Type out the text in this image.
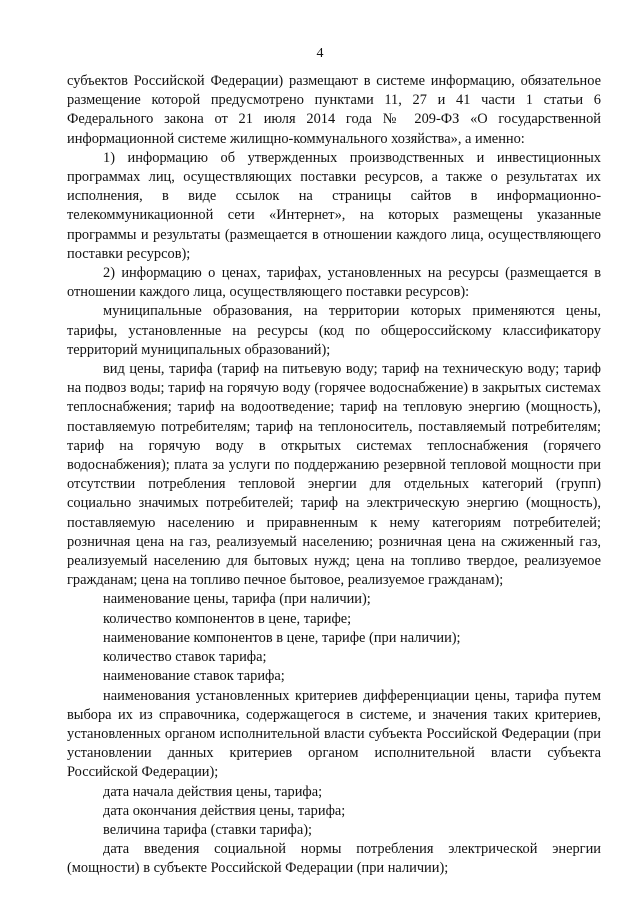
4

субъектов Российской Федерации) размещают в системе информацию, обязательное размещение которой предусмотрено пунктами 11, 27 и 41 части 1 статьи 6 Федерального закона от 21 июля 2014 года № 209-ФЗ «О государственной информационной системе жилищно-коммунального хозяйства», а именно:

1) информацию об утвержденных производственных и инвестиционных программах лиц, осуществляющих поставки ресурсов, а также о результатах их исполнения, в виде ссылок на страницы сайтов в информационно-телекоммуникационной сети «Интернет», на которых размещены указанные программы и результаты (размещается в отношении каждого лица, осуществляющего поставки ресурсов);

2) информацию о ценах, тарифах, установленных на ресурсы (размещается в отношении каждого лица, осуществляющего поставки ресурсов):

муниципальные образования, на территории которых применяются цены, тарифы, установленные на ресурсы (код по общероссийскому классификатору территорий муниципальных образований);

вид цены, тарифа (тариф на питьевую воду; тариф на техническую воду; тариф на подвоз воды; тариф на горячую воду (горячее водоснабжение) в закрытых системах теплоснабжения; тариф на водоотведение; тариф на тепловую энергию (мощность), поставляемую потребителям; тариф на теплоноситель, поставляемый потребителям; тариф на горячую воду в открытых системах теплоснабжения (горячего водоснабжения); плата за услуги по поддержанию резервной тепловой мощности при отсутствии потребления тепловой энергии для отдельных категорий (групп) социально значимых потребителей; тариф на электрическую энергию (мощность), поставляемую населению и приравненным к нему категориям потребителей; розничная цена на газ, реализуемый населению; розничная цена на сжиженный газ, реализуемый населению для бытовых нужд; цена на топливо твердое, реализуемое гражданам; цена на топливо печное бытовое, реализуемое гражданам);

наименование цены, тарифа (при наличии);

количество компонентов в цене, тарифе;

наименование компонентов в цене, тарифе (при наличии);

количество ставок тарифа;

наименование ставок тарифа;

наименования установленных критериев дифференциации цены, тарифа путем выбора их из справочника, содержащегося в системе, и значения таких критериев, установленных органом исполнительной власти субъекта Российской Федерации (при установлении данных критериев органом исполнительной власти субъекта Российской Федерации);

дата начала действия цены, тарифа;

дата окончания действия цены, тарифа;

величина тарифа (ставки тарифа);

дата введения социальной нормы потребления электрической энергии (мощности) в субъекте Российской Федерации (при наличии);
